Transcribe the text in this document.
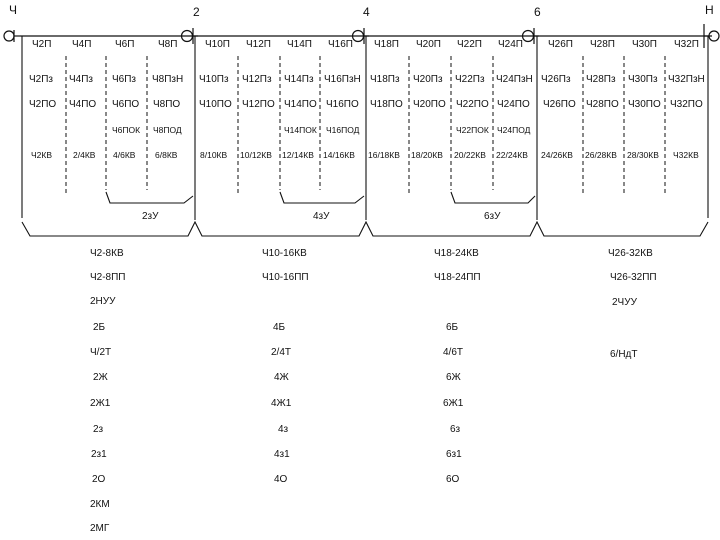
Ч	Н
2	4	6
Ч2П Ч4П Ч6П Ч8П	Ч10П Ч12П Ч14П Ч16П Ч18П Ч20П Ч22П Ч24П	Ч26П Ч28П Ч30П Ч32П
Ч2Пз Ч4Пз Ч6Пз Ч8ПзН Ч10Пз Ч12Пз Ч14Пз Ч16ПзН Ч18Пз Ч20Пз Ч22Пз Ч24ПзН Ч26Пз Ч28Пз Ч30Пз Ч32ПзН
Ч2ПО Ч4ПО Ч6ПО Ч8ПО Ч10ПО Ч12ПО Ч14ПО Ч16ПО Ч18ПО Ч20ПО Ч22ПО Ч24ПО Ч26ПО Ч28ПО Ч30ПО Ч32ПО
Ч6ПОК Ч8ПОД	Ч14ПОК Ч16ПОД	Ч22ПОК Ч24ПОД
Ч2КВ 2/4КВ 4/6КВ 6/8КВ	8/10КВ 10/12КВ 12/14КВ 14/16КВ 16/18КВ 18/20КВ 20/22КВ 22/24КВ 24/26КВ 26/28КВ 28/30КВ Ч32КВ
2зУ	4зУ	6зУ
Ч2-8КВ
Ч2-8ПП
2НУУ
2Б
Ч/2Т
2Ж
2Ж1
2з
2з1
2О
2КМ
2МГ
Ч10-16КВ
Ч10-16ПП
4Б
2/4Т
4Ж
4Ж1
4з
4з1
4О
Ч18-24КВ
Ч18-24ПП
6Б
4/6Т
6Ж
6Ж1
6з
6з1
6О
Ч26-32КВ
Ч26-32ПП
2ЧУУ
6/НдТ
